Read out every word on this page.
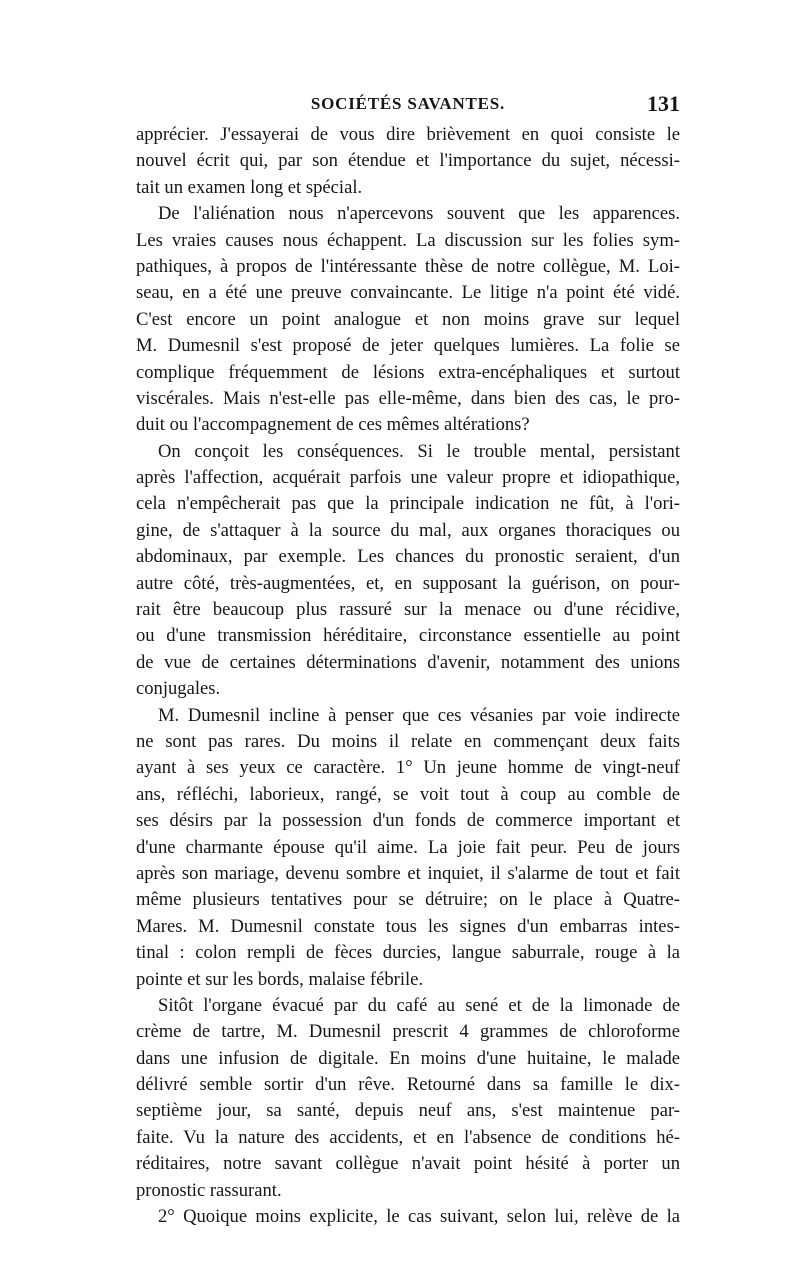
SOCIÉTÉS SAVANTES.	131
apprécier. J'essayerai de vous dire brièvement en quoi consiste le
nouvel écrit qui, par son étendue et l'importance du sujet, nécessi-
tait un examen long et spécial.
De l'aliénation nous n'apercevons souvent que les apparences.
Les vraies causes nous échappent. La discussion sur les folies sym-
pathiques, à propos de l'intéressante thèse de notre collègue, M. Loi-
seau, en a été une preuve convaincante. Le litige n'a point été vidé.
C'est encore un point analogue et non moins grave sur lequel
M. Dumesnil s'est proposé de jeter quelques lumières. La folie se
complique fréquemment de lésions extra-encéphaliques et surtout
viscérales. Mais n'est-elle pas elle-même, dans bien des cas, le pro-
duit ou l'accompagnement de ces mêmes altérations?
On conçoit les conséquences. Si le trouble mental, persistant
après l'affection, acquérait parfois une valeur propre et idiopathique,
cela n'empêcherait pas que la principale indication ne fût, à l'ori-
gine, de s'attaquer à la source du mal, aux organes thoraciques ou
abdominaux, par exemple. Les chances du pronostic seraient, d'un
autre côté, très-augmentées, et, en supposant la guérison, on pour-
rait être beaucoup plus rassuré sur la menace ou d'une récidive,
ou d'une transmission héréditaire, circonstance essentielle au point
de vue de certaines déterminations d'avenir, notamment des unions
conjugales.
M. Dumesnil incline à penser que ces vésanies par voie indirecte
ne sont pas rares. Du moins il relate en commençant deux faits
ayant à ses yeux ce caractère. 1° Un jeune homme de vingt-neuf
ans, réfléchi, laborieux, rangé, se voit tout à coup au comble de
ses désirs par la possession d'un fonds de commerce important et
d'une charmante épouse qu'il aime. La joie fait peur. Peu de jours
après son mariage, devenu sombre et inquiet, il s'alarme de tout et fait
même plusieurs tentatives pour se détruire; on le place à Quatre-
Mares. M. Dumesnil constate tous les signes d'un embarras intes-
tinal : colon rempli de fèces durcies, langue saburrale, rouge à la
pointe et sur les bords, malaise fébrile.
Sitôt l'organe évacué par du café au sené et de la limonade de
crème de tartre, M. Dumesnil prescrit 4 grammes de chloroforme
dans une infusion de digitale. En moins d'une huitaine, le malade
délivré semble sortir d'un rêve. Retourné dans sa famille le dix-
septième jour, sa santé, depuis neuf ans, s'est maintenue par-
faite. Vu la nature des accidents, et en l'absence de conditions hé-
réditaires, notre savant collègue n'avait point hésité à porter un
pronostic rassurant.
2° Quoique moins explicite, le cas suivant, selon lui, relève de la
